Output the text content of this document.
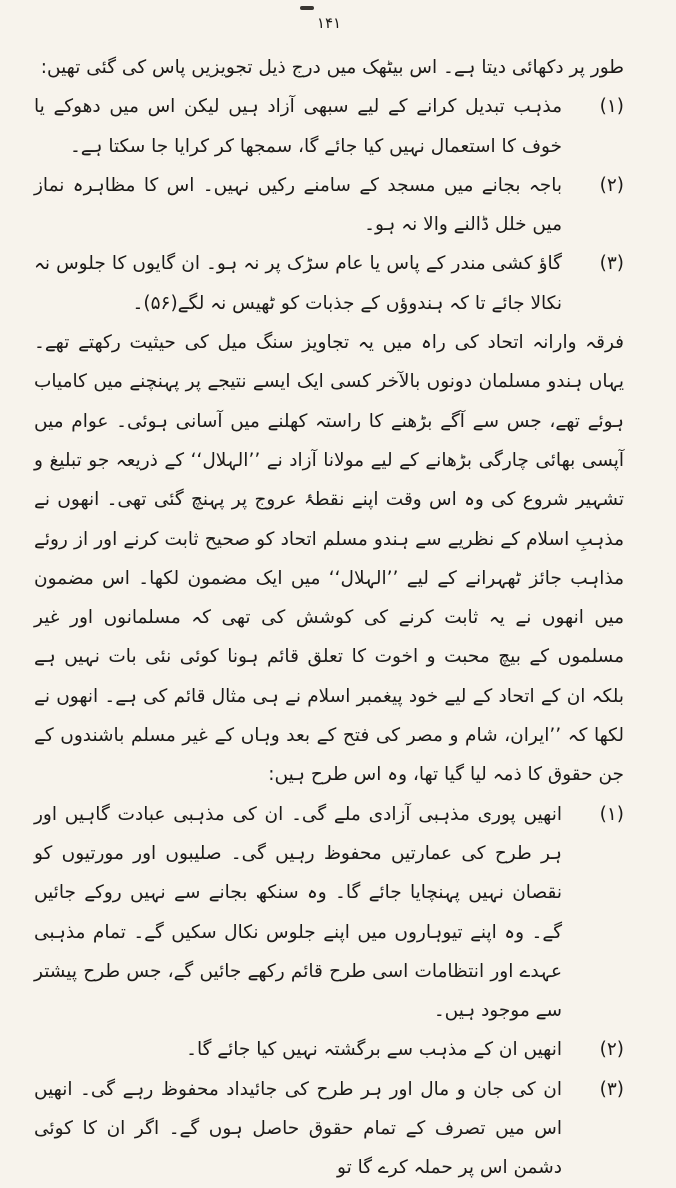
۱۴۱

طور پر دکھائی دیتا ہے۔ اس بیٹھک میں درج ذیل تجویزیں پاس کی گئی تھیں:

(۱)
مذہب تبدیل کرانے کے لیے سبھی آزاد ہیں لیکن اس میں دھوکے یا خوف کا استعمال نہیں کیا جائے گا، سمجھا کر کرایا جا سکتا ہے۔
(۲)
باجہ بجانے میں مسجد کے سامنے رکیں نہیں۔ اس کا مظاہرہ نماز میں خلل ڈالنے والا نہ ہو۔
(۳)
گاؤ کشی مندر کے پاس یا عام سڑک پر نہ ہو۔ ان گایوں کا جلوس نہ نکالا جائے تا کہ ہندوؤں کے جذبات کو ٹھیس نہ لگے(۵۶)۔

فرقہ وارانہ اتحاد کی راہ میں یہ تجاویز سنگ میل کی حیثیت رکھتے تھے۔ یہاں ہندو مسلمان دونوں بالآخر کسی ایک ایسے نتیجے پر پہنچنے میں کامیاب ہوئے تھے، جس سے آگے بڑھنے کا راستہ کھلنے میں آسانی ہوئی۔ عوام میں آپسی بھائی چارگی بڑھانے کے لیے مولانا آزاد نے ’’الہلال‘‘ کے ذریعہ جو تبلیغ و تشہیر شروع کی وہ اس وقت اپنے نقطۂ عروج پر پہنچ گئی تھی۔ انھوں نے مذہبِ اسلام کے نظریے سے ہندو مسلم اتحاد کو صحیح ثابت کرنے اور از روئے مذاہب جائز ٹھہرانے کے لیے ’’الہلال‘‘ میں ایک مضمون لکھا۔ اس مضمون میں انھوں نے یہ ثابت کرنے کی کوشش کی تھی کہ مسلمانوں اور غیر مسلموں کے بیچ محبت و اخوت کا تعلق قائم ہونا کوئی نئی بات نہیں ہے بلکہ ان کے اتحاد کے لیے خود پیغمبر اسلام نے ہی مثال قائم کی ہے۔ انھوں نے لکھا کہ ’’ایران، شام و مصر کی فتح کے بعد وہاں کے غیر مسلم باشندوں کے جن حقوق کا ذمہ لیا گیا تھا، وہ اس طرح ہیں:

(۱)
انھیں پوری مذہبی آزادی ملے گی۔ ان کی مذہبی عبادت گاہیں اور ہر طرح کی عمارتیں محفوظ رہیں گی۔ صلیبوں اور مورتیوں کو نقصان نہیں پہنچایا جائے گا۔ وہ سنکھ بجانے سے نہیں روکے جائیں گے۔ وہ اپنے تیوہاروں میں اپنے جلوس نکال سکیں گے۔ تمام مذہبی عہدے اور انتظامات اسی طرح قائم رکھے جائیں گے، جس طرح پیشتر سے موجود ہیں۔
(۲)
انھیں ان کے مذہب سے برگشتہ نہیں کیا جائے گا۔
(۳)
ان کی جان و مال اور ہر طرح کی جائیداد محفوظ رہے گی۔ انھیں اس میں تصرف کے تمام حقوق حاصل ہوں گے۔ اگر ان کا کوئی دشمن اس پر حملہ کرے گا تو
